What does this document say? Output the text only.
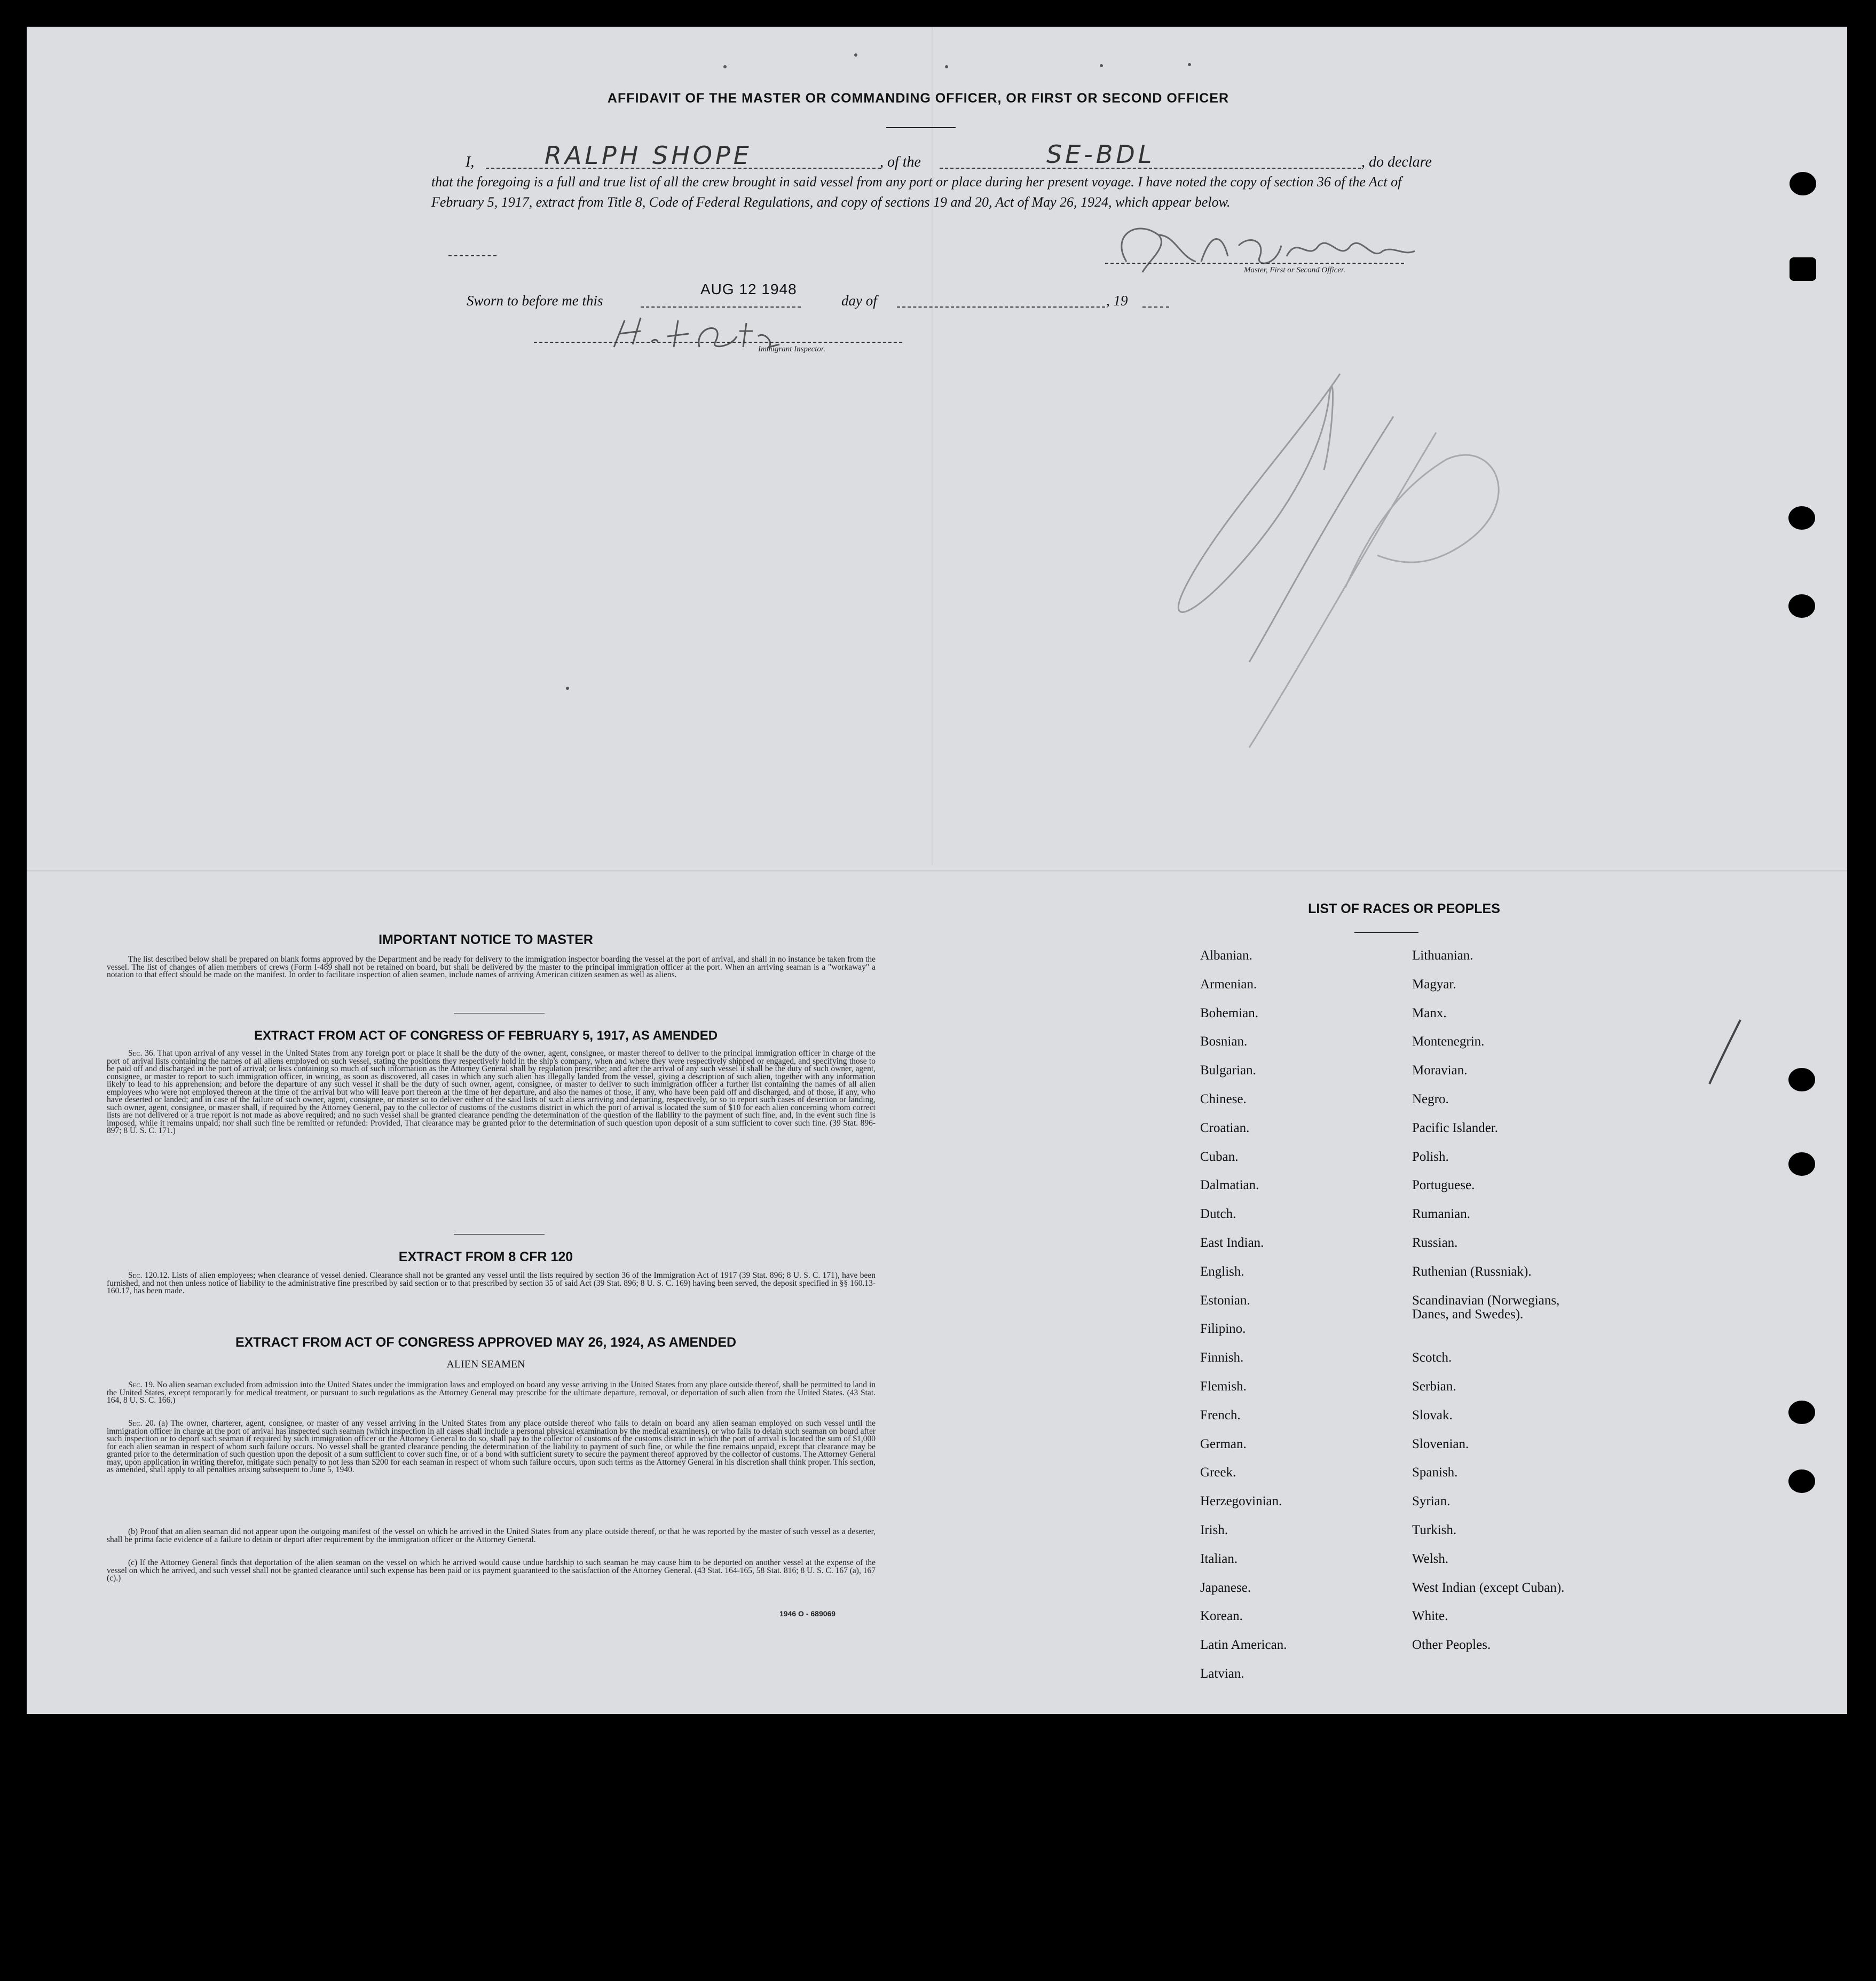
AFFIDAVIT OF THE MASTER OR COMMANDING OFFICER, OR FIRST OR SECOND OFFICER
I,	RALPH SHOPE	, of the	SE-BDL	, do declare
that the foregoing is a full and true list of all the crew brought in said vessel from any port or place during her present voyage. I have noted the copy of section 36 of the Act of February 5, 1917, extract from Title 8, Code of Federal Regulations, and copy of sections 19 and 20, Act of May 26, 1924, which appear below.
Master, First or Second Officer.
Sworn to before me this
AUG 12 1948
day of	, 19
Immigrant Inspector.
IMPORTANT NOTICE TO MASTER
The list described below shall be prepared on blank forms approved by the Department and be ready for delivery to the immigration inspector boarding the vessel at the port of arrival, and shall in no instance be taken from the vessel. The list of changes of alien members of crews (Form I-489 shall not be retained on board, but shall be delivered by the master to the principal immigration officer at the port. When an arriving seaman is a "workaway" a notation to that effect should be made on the manifest. In order to facilitate inspection of alien seamen, include names of arriving American citizen seamen as well as aliens.
EXTRACT FROM ACT OF CONGRESS OF FEBRUARY 5, 1917, AS AMENDED
Sec. 36. That upon arrival of any vessel in the United States from any foreign port or place it shall be the duty of the owner, agent, consignee, or master thereof to deliver to the principal immigration officer in charge of the port of arrival lists containing the names of all aliens employed on such vessel, stating the positions they respectively hold in the ship's company, when and where they were respectively shipped or engaged, and specifying those to be paid off and discharged in the port of arrival; or lists containing so much of such information as the Attorney General shall by regulation prescribe; and after the arrival of any such vessel it shall be the duty of such owner, agent, consignee, or master to report to such immigration officer, in writing, as soon as discovered, all cases in which any such alien has illegally landed from the vessel, giving a description of such alien, together with any information likely to lead to his apprehension; and before the departure of any such vessel it shall be the duty of such owner, agent, consignee, or master to deliver to such immigration officer a further list containing the names of all alien employees who were not employed thereon at the time of the arrival but who will leave port thereon at the time of her departure, and also the names of those, if any, who have been paid off and discharged, and of those, if any, who have deserted or landed; and in case of the failure of such owner, agent, consignee, or master so to deliver either of the said lists of such aliens arriving and departing, respectively, or so to report such cases of desertion or landing, such owner, agent, consignee, or master shall, if required by the Attorney General, pay to the collector of customs of the customs district in which the port of arrival is located the sum of $10 for each alien concerning whom correct lists are not delivered or a true report is not made as above required; and no such vessel shall be granted clearance pending the determination of the question of the liability to the payment of such fine, and, in the event such fine is imposed, while it remains unpaid; nor shall such fine be remitted or refunded: Provided, That clearance may be granted prior to the determination of such question upon deposit of a sum sufficient to cover such fine. (39 Stat. 896-897; 8 U. S. C. 171.)
EXTRACT FROM 8 CFR 120
Sec. 120.12. Lists of alien employees; when clearance of vessel denied. Clearance shall not be granted any vessel until the lists required by section 36 of the Immigration Act of 1917 (39 Stat. 896; 8 U. S. C. 171), have been furnished, and not then unless notice of liability to the administrative fine prescribed by said section or to that prescribed by section 35 of said Act (39 Stat. 896; 8 U. S. C. 169) having been served, the deposit specified in §§ 160.13-160.17, has been made.
EXTRACT FROM ACT OF CONGRESS APPROVED MAY 26, 1924, AS AMENDED
ALIEN SEAMEN
Sec. 19. No alien seaman excluded from admission into the United States under the immigration laws and employed on board any vesse arriving in the United States from any place outside thereof, shall be permitted to land in the United States, except temporarily for medical treatment, or pursuant to such regulations as the Attorney General may prescribe for the ultimate departure, removal, or deportation of such alien from the United States. (43 Stat. 164, 8 U. S. C. 166.)
Sec. 20. (a) The owner, charterer, agent, consignee, or master of any vessel arriving in the United States from any place outside thereof who fails to detain on board any alien seaman employed on such vessel until the immigration officer in charge at the port of arrival has inspected such seaman (which inspection in all cases shall include a personal physical examination by the medical examiners), or who fails to detain such seaman on board after such inspection or to deport such seaman if required by such immigration officer or the Attorney General to do so, shall pay to the collector of customs of the customs district in which the port of arrival is located the sum of $1,000 for each alien seaman in respect of whom such failure occurs. No vessel shall be granted clearance pending the determination of the liability to payment of such fine, or while the fine remains unpaid, except that clearance may be granted prior to the determination of such question upon the deposit of a sum sufficient to cover such fine, or of a bond with sufficient surety to secure the payment thereof approved by the collector of customs. The Attorney General may, upon application in writing therefor, mitigate such penalty to not less than $200 for each seaman in respect of whom such failure occurs, upon such terms as the Attorney General in his discretion shall think proper. This section, as amended, shall apply to all penalties arising subsequent to June 5, 1940.
(b) Proof that an alien seaman did not appear upon the outgoing manifest of the vessel on which he arrived in the United States from any place outside thereof, or that he was reported by the master of such vessel as a deserter, shall be prima facie evidence of a failure to detain or deport after requirement by the immigration officer or the Attorney General.
(c) If the Attorney General finds that deportation of the alien seaman on the vessel on which he arrived would cause undue hardship to such seaman he may cause him to be deported on another vessel at the expense of the vessel on which he arrived, and such vessel shall not be granted clearance until such expense has been paid or its payment guaranteed to the satisfaction of the Attorney General. (43 Stat. 164-165, 58 Stat. 816; 8 U. S. C. 167 (a), 167 (c).)
1946 O - 689069
LIST OF RACES OR PEOPLES
Albanian.
Armenian.
Bohemian.
Bosnian.
Bulgarian.
Chinese.
Croatian.
Cuban.
Dalmatian.
Dutch.
East Indian.
English.
Estonian.
Filipino.
Finnish.
Flemish.
French.
German.
Greek.
Herzegovinian.
Irish.
Italian.
Japanese.
Korean.
Latin American.
Latvian.
Lithuanian.
Magyar.
Manx.
Montenegrin.
Moravian.
Negro.
Pacific Islander.
Polish.
Portuguese.
Rumanian.
Russian.
Ruthenian (Russniak).
Scandinavian (Norwegians,
Danes, and Swedes).
Scotch.
Serbian.
Slovak.
Slovenian.
Spanish.
Syrian.
Turkish.
Welsh.
West Indian (except Cuban).
White.
Other Peoples.
